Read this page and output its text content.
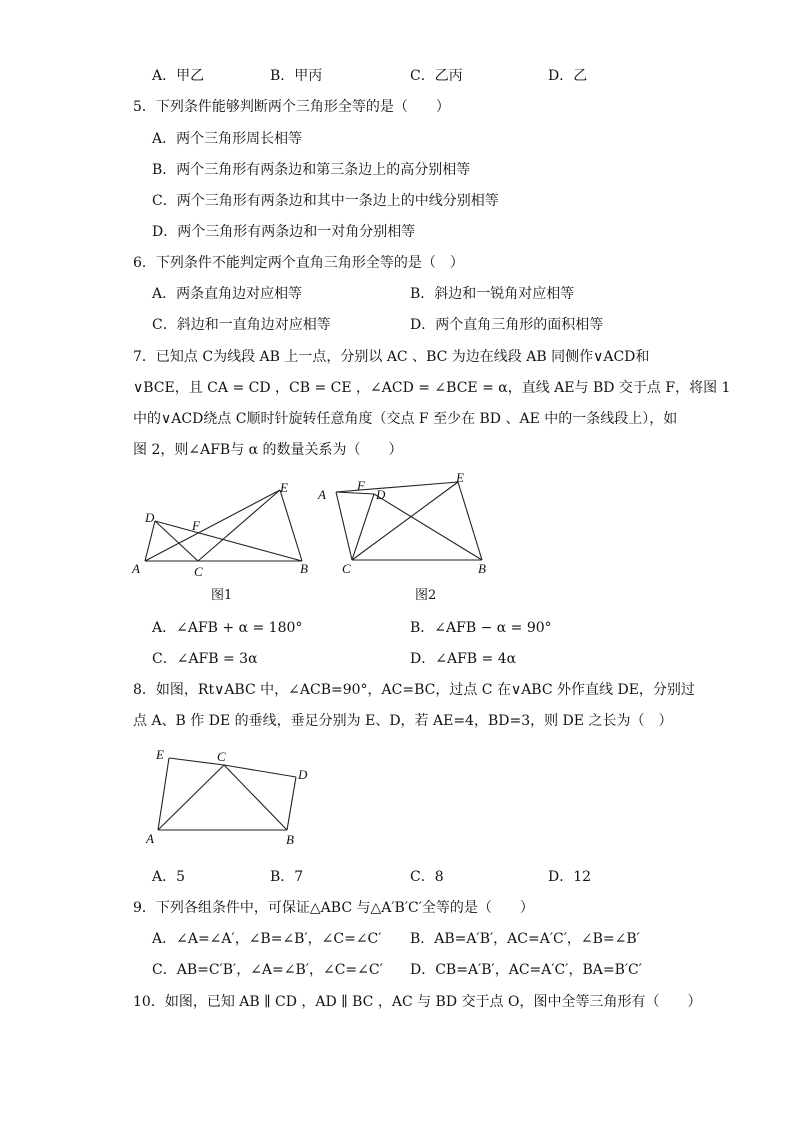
A．甲乙	B．甲丙	C．乙丙	D．乙
5．下列条件能够判断两个三角形全等的是（　　）
A．两个三角形周长相等
B．两个三角形有两条边和第三条边上的高分别相等
C．两个三角形有两条边和其中一条边上的中线分别相等
D．两个三角形有两条边和一对角分别相等
6．下列条件不能判定两个直角三角形全等的是（　）
A．两条直角边对应相等	B．斜边和一锐角对应相等
C．斜边和一直角边对应相等	D．两个直角三角形的面积相等
7．已知点 C为线段 AB 上一点，分别以 AC 、BC 为边在线段 AB 同侧作∨ACD和
∨BCE，且 CA = CD ，CB = CE ，∠ACD = ∠BCE = α，直线 AE与 BD 交于点 F，将图 1
中的∨ACD绕点 C顺时针旋转任意角度（交点 F 至少在 BD 、AE 中的一条线段上），如
图 2，则∠AFB与 α 的数量关系为（　　）
A
D
F
C
E
B
A
F
D
E
C	B
图1	图2
A．∠AFB + α = 180°	B．∠AFB − α = 90°
C．∠AFB = 3α	D．∠AFB = 4α
8．如图，Rt∨ABC 中，∠ACB=90°，AC=BC，过点 C 在∨ABC 外作直线 DE，分别过
点 A、B 作 DE 的垂线，垂足分别为 E、D，若 AE=4，BD=3，则 DE 之长为（　）
E	C
D
A	B
A．5	B．7	C．8	D．12
9．下列各组条件中，可保证△ABC 与△A′B′C′全等的是（　　）
A．∠A=∠A′，∠B=∠B′，∠C=∠C′ B．AB=A′B′，AC=A′C′，∠B=∠B′
C．AB=C′B′，∠A=∠B′，∠C=∠C′ D．CB=A′B′，AC=A′C′，BA=B′C′
10．如图，已知 AB ∥ CD ，AD ∥ BC ，AC 与 BD 交于点 O，图中全等三角形有（　　）
